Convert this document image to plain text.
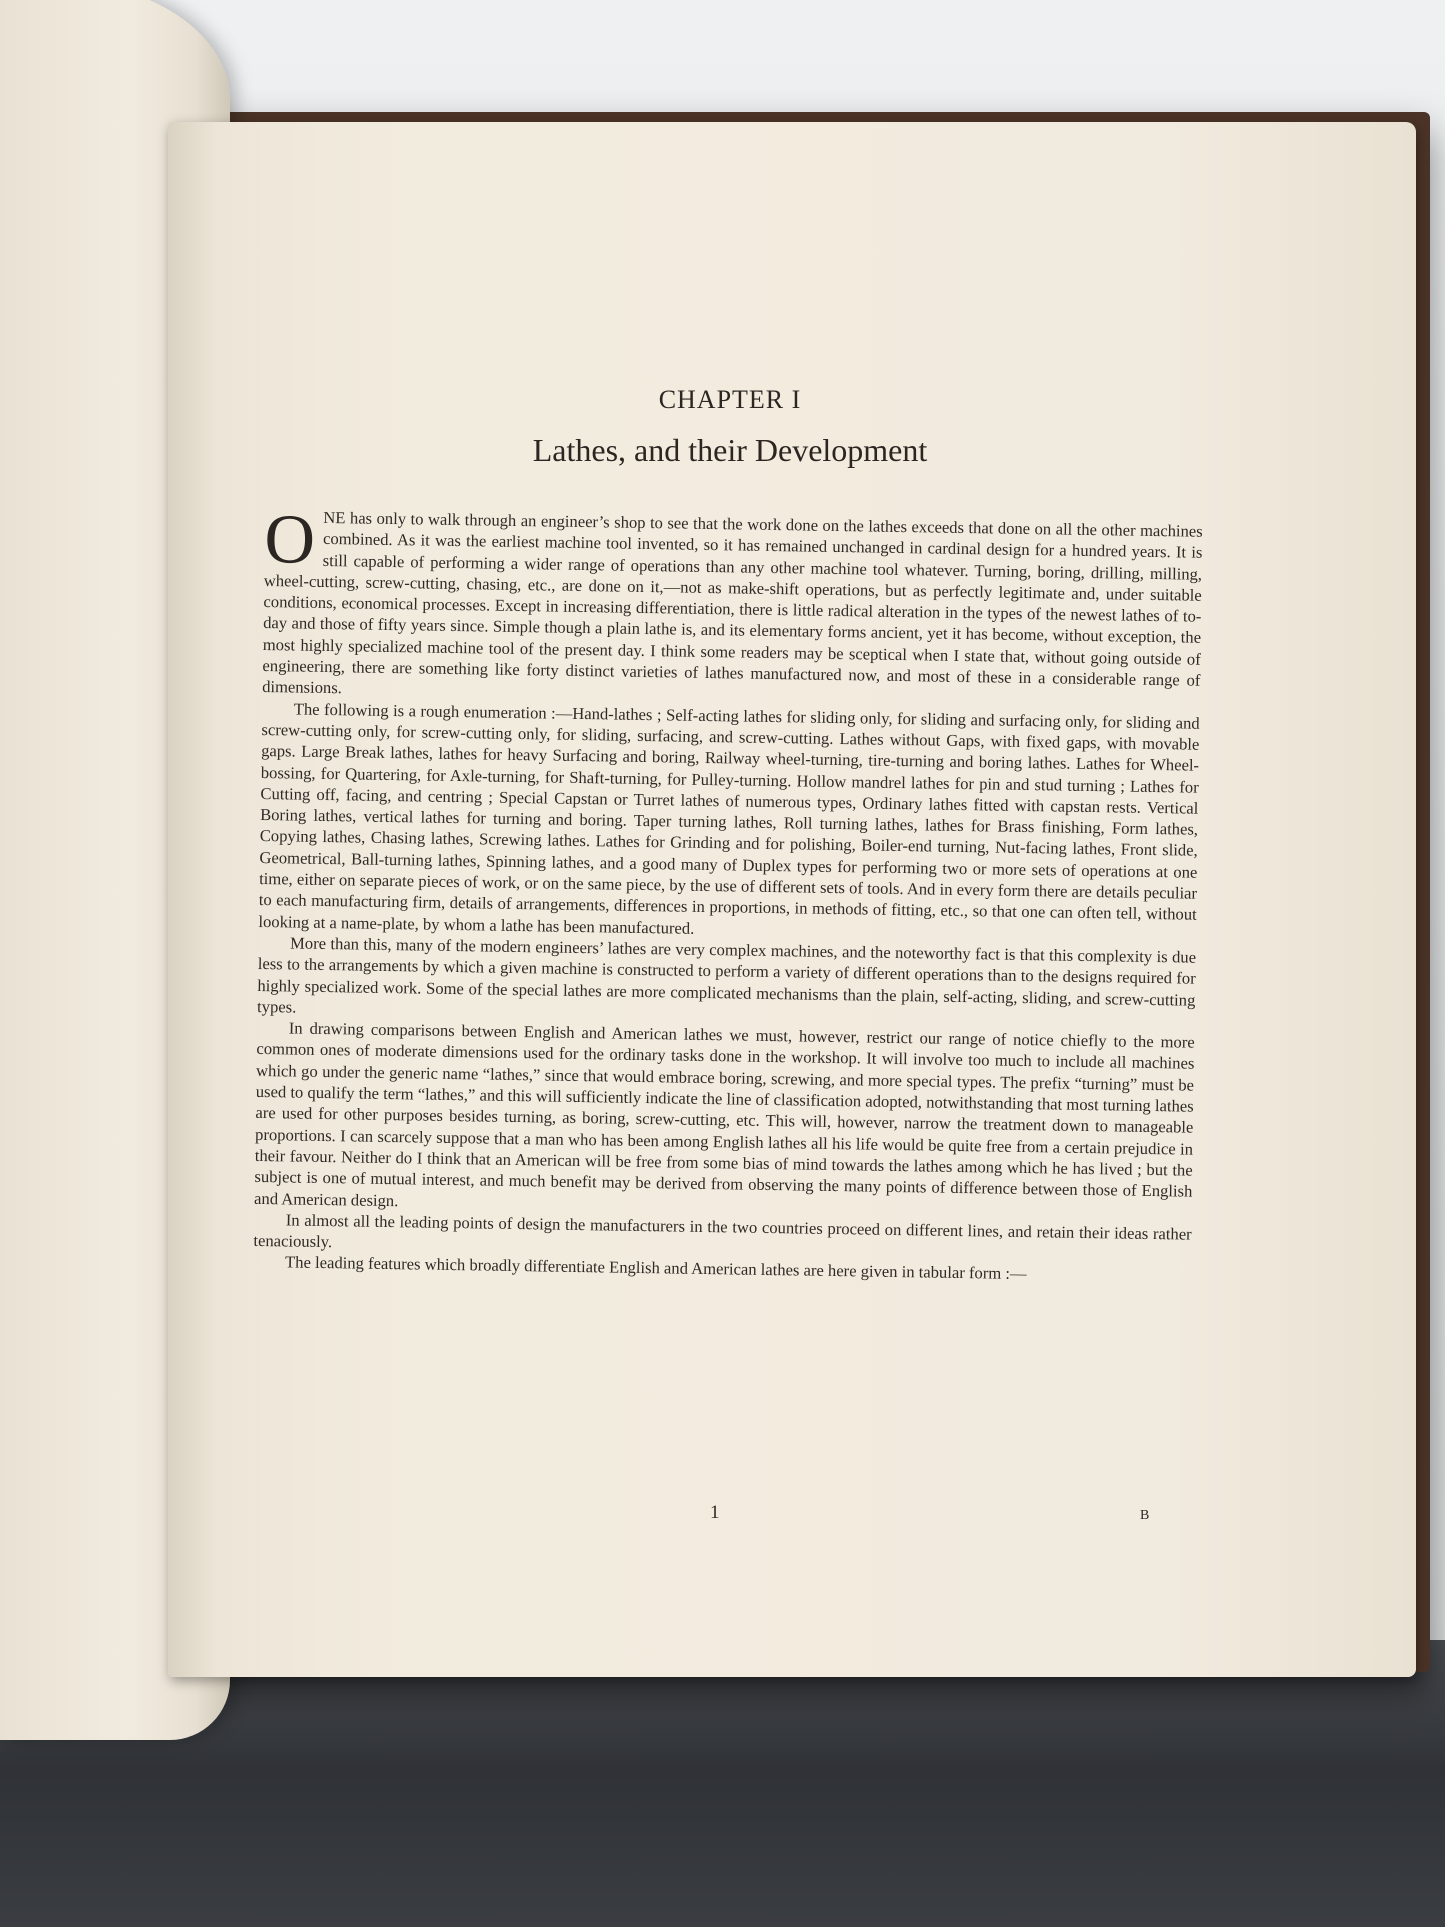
CHAPTER I
Lathes, and their Development

ONE has only to walk through an engineer’s shop to see that the work done on the lathes exceeds that done on all the other machines combined. As it was the earliest machine tool invented, so it has remained unchanged in cardinal design for a hundred years. It is still capable of performing a wider range of operations than any other machine tool whatever. Turning, boring, drilling, milling, wheel-cutting, screw-cutting, chasing, etc., are done on it,—not as make-shift operations, but as perfectly legitimate and, under suitable conditions, economical processes. Except in increasing differentiation, there is little radical alteration in the types of the newest lathes of to-day and those of fifty years since. Simple though a plain lathe is, and its elementary forms ancient, yet it has become, without exception, the most highly specialized machine tool of the present day. I think some readers may be sceptical when I state that, without going outside of engineering, there are something like forty distinct varieties of lathes manufactured now, and most of these in a considerable range of dimensions.

The following is a rough enumeration :—Hand-lathes ; Self-acting lathes for sliding only, for sliding and surfacing only, for sliding and screw-cutting only, for screw-cutting only, for sliding, surfacing, and screw-cutting. Lathes without Gaps, with fixed gaps, with movable gaps. Large Break lathes, lathes for heavy Surfacing and boring, Railway wheel-turning, tire-turning and boring lathes. Lathes for Wheel-bossing, for Quartering, for Axle-turning, for Shaft-turning, for Pulley-turning. Hollow mandrel lathes for pin and stud turning ; Lathes for Cutting off, facing, and centring ; Special Capstan or Turret lathes of numerous types, Ordinary lathes fitted with capstan rests. Vertical Boring lathes, vertical lathes for turning and boring. Taper turning lathes, Roll turning lathes, lathes for Brass finishing, Form lathes, Copying lathes, Chasing lathes, Screwing lathes. Lathes for Grinding and for polishing, Boiler-end turning, Nut-facing lathes, Front slide, Geometrical, Ball-turning lathes, Spinning lathes, and a good many of Duplex types for performing two or more sets of operations at one time, either on separate pieces of work, or on the same piece, by the use of different sets of tools. And in every form there are details peculiar to each manufacturing firm, details of arrangements, differences in proportions, in methods of fitting, etc., so that one can often tell, without looking at a name-plate, by whom a lathe has been manufactured.

More than this, many of the modern engineers’ lathes are very complex machines, and the noteworthy fact is that this complexity is due less to the arrangements by which a given machine is constructed to perform a variety of different operations than to the designs required for highly specialized work. Some of the special lathes are more complicated mechanisms than the plain, self-acting, sliding, and screw-cutting types.

In drawing comparisons between English and American lathes we must, however, restrict our range of notice chiefly to the more common ones of moderate dimensions used for the ordinary tasks done in the workshop. It will involve too much to include all machines which go under the generic name “lathes,” since that would embrace boring, screwing, and more special types. The prefix “turning” must be used to qualify the term “lathes,” and this will sufficiently indicate the line of classification adopted, notwithstanding that most turning lathes are used for other purposes besides turning, as boring, screw-cutting, etc. This will, however, narrow the treatment down to manageable proportions. I can scarcely suppose that a man who has been among English lathes all his life would be quite free from a certain prejudice in their favour. Neither do I think that an American will be free from some bias of mind towards the lathes among which he has lived ; but the subject is one of mutual interest, and much benefit may be derived from observing the many points of difference between those of English and American design.

In almost all the leading points of design the manufacturers in the two countries proceed on different lines, and retain their ideas rather tenaciously.

The leading features which broadly differentiate English and American lathes are here given in tabular form :—

1	B
